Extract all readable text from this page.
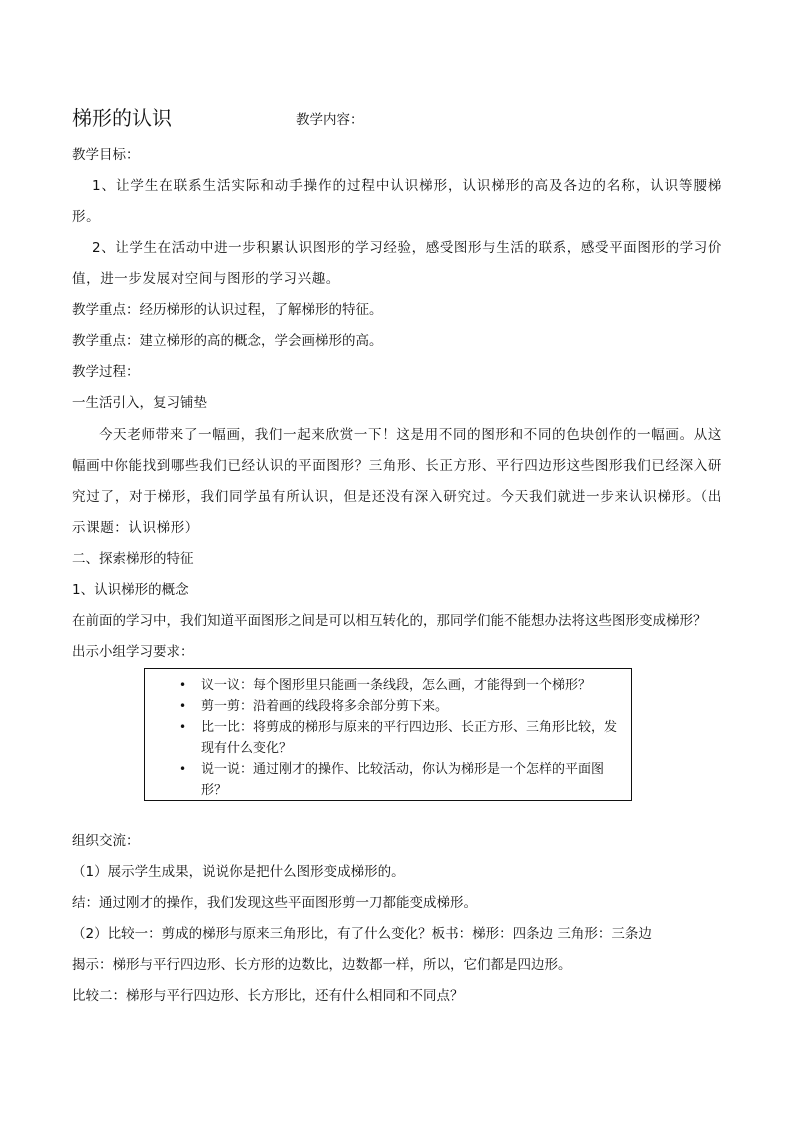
梯形的认识	教学内容：
教学目标：
1、让学生在联系生活实际和动手操作的过程中认识梯形，认识梯形的高及各边的名称，认识等腰梯形。
2、让学生在活动中进一步积累认识图形的学习经验，感受图形与生活的联系，感受平面图形的学习价值，进一步发展对空间与图形的学习兴趣。
教学重点：经历梯形的认识过程，了解梯形的特征。
教学重点：建立梯形的高的概念，学会画梯形的高。
教学过程：
一生活引入，复习铺垫
今天老师带来了一幅画，我们一起来欣赏一下！这是用不同的图形和不同的色块创作的一幅画。从这幅画中你能找到哪些我们已经认识的平面图形？三角形、长正方形、平行四边形这些图形我们已经深入研究过了，对于梯形，我们同学虽有所认识，但是还没有深入研究过。今天我们就进一步来认识梯形。（出示课题：认识梯形）
二、探索梯形的特征
1、认识梯形的概念
在前面的学习中，我们知道平面图形之间是可以相互转化的，那同学们能不能想办法将这些图形变成梯形？
出示小组学习要求：
• 议一议：每个图形里只能画一条线段，怎么画，才能得到一个梯形？
• 剪一剪：沿着画的线段将多余部分剪下来。
• 比一比：将剪成的梯形与原来的平行四边形、长正方形、三角形比较，发现有什么变化？
• 说一说：通过刚才的操作、比较活动，你认为梯形是一个怎样的平面图形？
组织交流：
（1）展示学生成果，说说你是把什么图形变成梯形的。
结：通过刚才的操作，我们发现这些平面图形剪一刀都能变成梯形。
（2）比较一：剪成的梯形与原来三角形比，有了什么变化？板书：梯形：四条边 三角形：三条边
揭示：梯形与平行四边形、长方形的边数比，边数都一样，所以，它们都是四边形。
比较二：梯形与平行四边形、长方形比，还有什么相同和不同点？
